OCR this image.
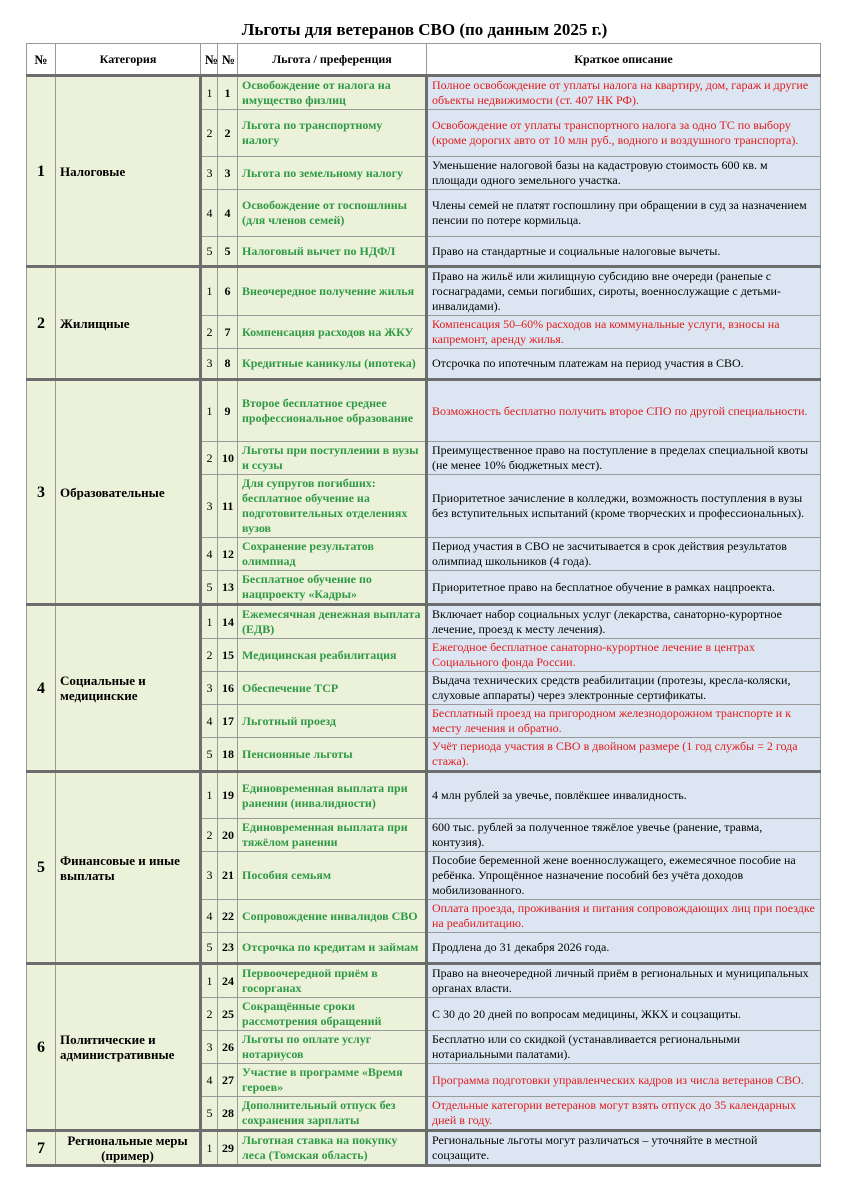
Льготы для ветеранов СВО (по данным 2025 г.)
№	Категория	№	№	Льгота / преференция	Краткое описание
1	Налоговые	1	1	Освобождение от налога на имущество физлиц	Полное освобождение от уплаты налога на квартиру, дом, гараж и другие объекты недвижимости (ст. 407 НК РФ).
		2	2	Льгота по транспортному налогу	Освобождение от уплаты транспортного налога за одно ТС по выбору (кроме дорогих авто от 10 млн руб., водного и воздушного транспорта).
		3	3	Льгота по земельному налогу	Уменьшение налоговой базы на кадастровую стоимость 600 кв. м площади одного земельного участка.
		4	4	Освобождение от госпошлины (для членов семей)	Члены семей не платят госпошлину при обращении в суд за назначением пенсии по потере кормильца.
		5	5	Налоговый вычет по НДФЛ	Право на стандартные и социальные налоговые вычеты.
2	Жилищные	1	6	Внеочередное получение жилья	Право на жильё или жилищную субсидию вне очереди (ранепые с госнаградами, семьи погибших, сироты, военнослужащие с детьми-инвалидами).
		2	7	Компенсация расходов на ЖКУ	Компенсация 50–60% расходов на коммунальные услуги, взносы на капремонт, аренду жилья.
		3	8	Кредитные каникулы (ипотека)	Отсрочка по ипотечным платежам на период участия в СВО.
3	Образовательные	1	9	Второе бесплатное среднее профессиональное образование	Возможность бесплатно получить второе СПО по другой специальности.
		2	10	Льготы при поступлении в вузы и ссузы	Преимущественное право на поступление в пределах специальной квоты (не менее 10% бюджетных мест).
		3	11	Для супругов погибших: бесплатное обучение на подготовительных отделениях вузов	Приоритетное зачисление в колледжи, возможность поступления в вузы без вступительных испытаний (кроме творческих и профессиональных).
		4	12	Сохранение результатов олимпиад	Период участия в СВО не засчитывается в срок действия результатов олимпиад школьников (4 года).
		5	13	Бесплатное обучение по нацпроекту «Кадры»	Приоритетное право на бесплатное обучение в рамках нацпроекта.
4	Социальные и медицинские	1	14	Ежемесячная денежная выплата (ЕДВ)	Включает набор социальных услуг (лекарства, санаторно-курортное лечение, проезд к месту лечения).
		2	15	Медицинская реабилитация	Ежегодное бесплатное санаторно-курортное лечение в центрах Социального фонда России.
		3	16	Обеспечение ТСР	Выдача технических средств реабилитации (протезы, кресла-коляски, слуховые аппараты) через электронные сертификаты.
		4	17	Льготный проезд	Бесплатный проезд на пригородном железнодорожном транспорте и к месту лечения и обратно.
		5	18	Пенсионные льготы	Учёт периода участия в СВО в двойном размере (1 год службы = 2 года стажа).
5	Финансовые и иные выплаты	1	19	Единовременная выплата при ранении (инвалидности)	4 млн рублей за увечье, повлёкшее инвалидность.
		2	20	Единовременная выплата при тяжёлом ранении	600 тыс. рублей за полученное тяжёлое увечье (ранение, травма, контузия).
		3	21	Пособия семьям	Пособие беременной жене военнослужащего, ежемесячное пособие на ребёнка. Упрощённое назначение пособий без учёта доходов мобилизованного.
		4	22	Сопровождение инвалидов СВО	Оплата проезда, проживания и питания сопровождающих лиц при поездке на реабилитацию.
		5	23	Отсрочка по кредитам и займам	Продлена до 31 декабря 2026 года.
6	Политические и административные	1	24	Первоочередной приём в госорганах	Право на внеочередной личный приём в региональных и муниципальных органах власти.
		2	25	Сокращённые сроки рассмотрения обращений	С 30 до 20 дней по вопросам медицины, ЖКХ и соцзащиты.
		3	26	Льготы по оплате услуг нотариусов	Бесплатно или со скидкой (устанавливается региональными нотариальными палатами).
		4	27	Участие в программе «Время героев»	Программа подготовки управленческих кадров из числа ветеранов СВО.
		5	28	Дополнительный отпуск без сохранения зарплаты	Отдельные категории ветеранов могут взять отпуск до 35 календарных дней в году.
7	Региональные меры (пример)	1	29	Льготная ставка на покупку леса (Томская область)	Региональные льготы могут различаться – уточняйте в местной соцзащите.
